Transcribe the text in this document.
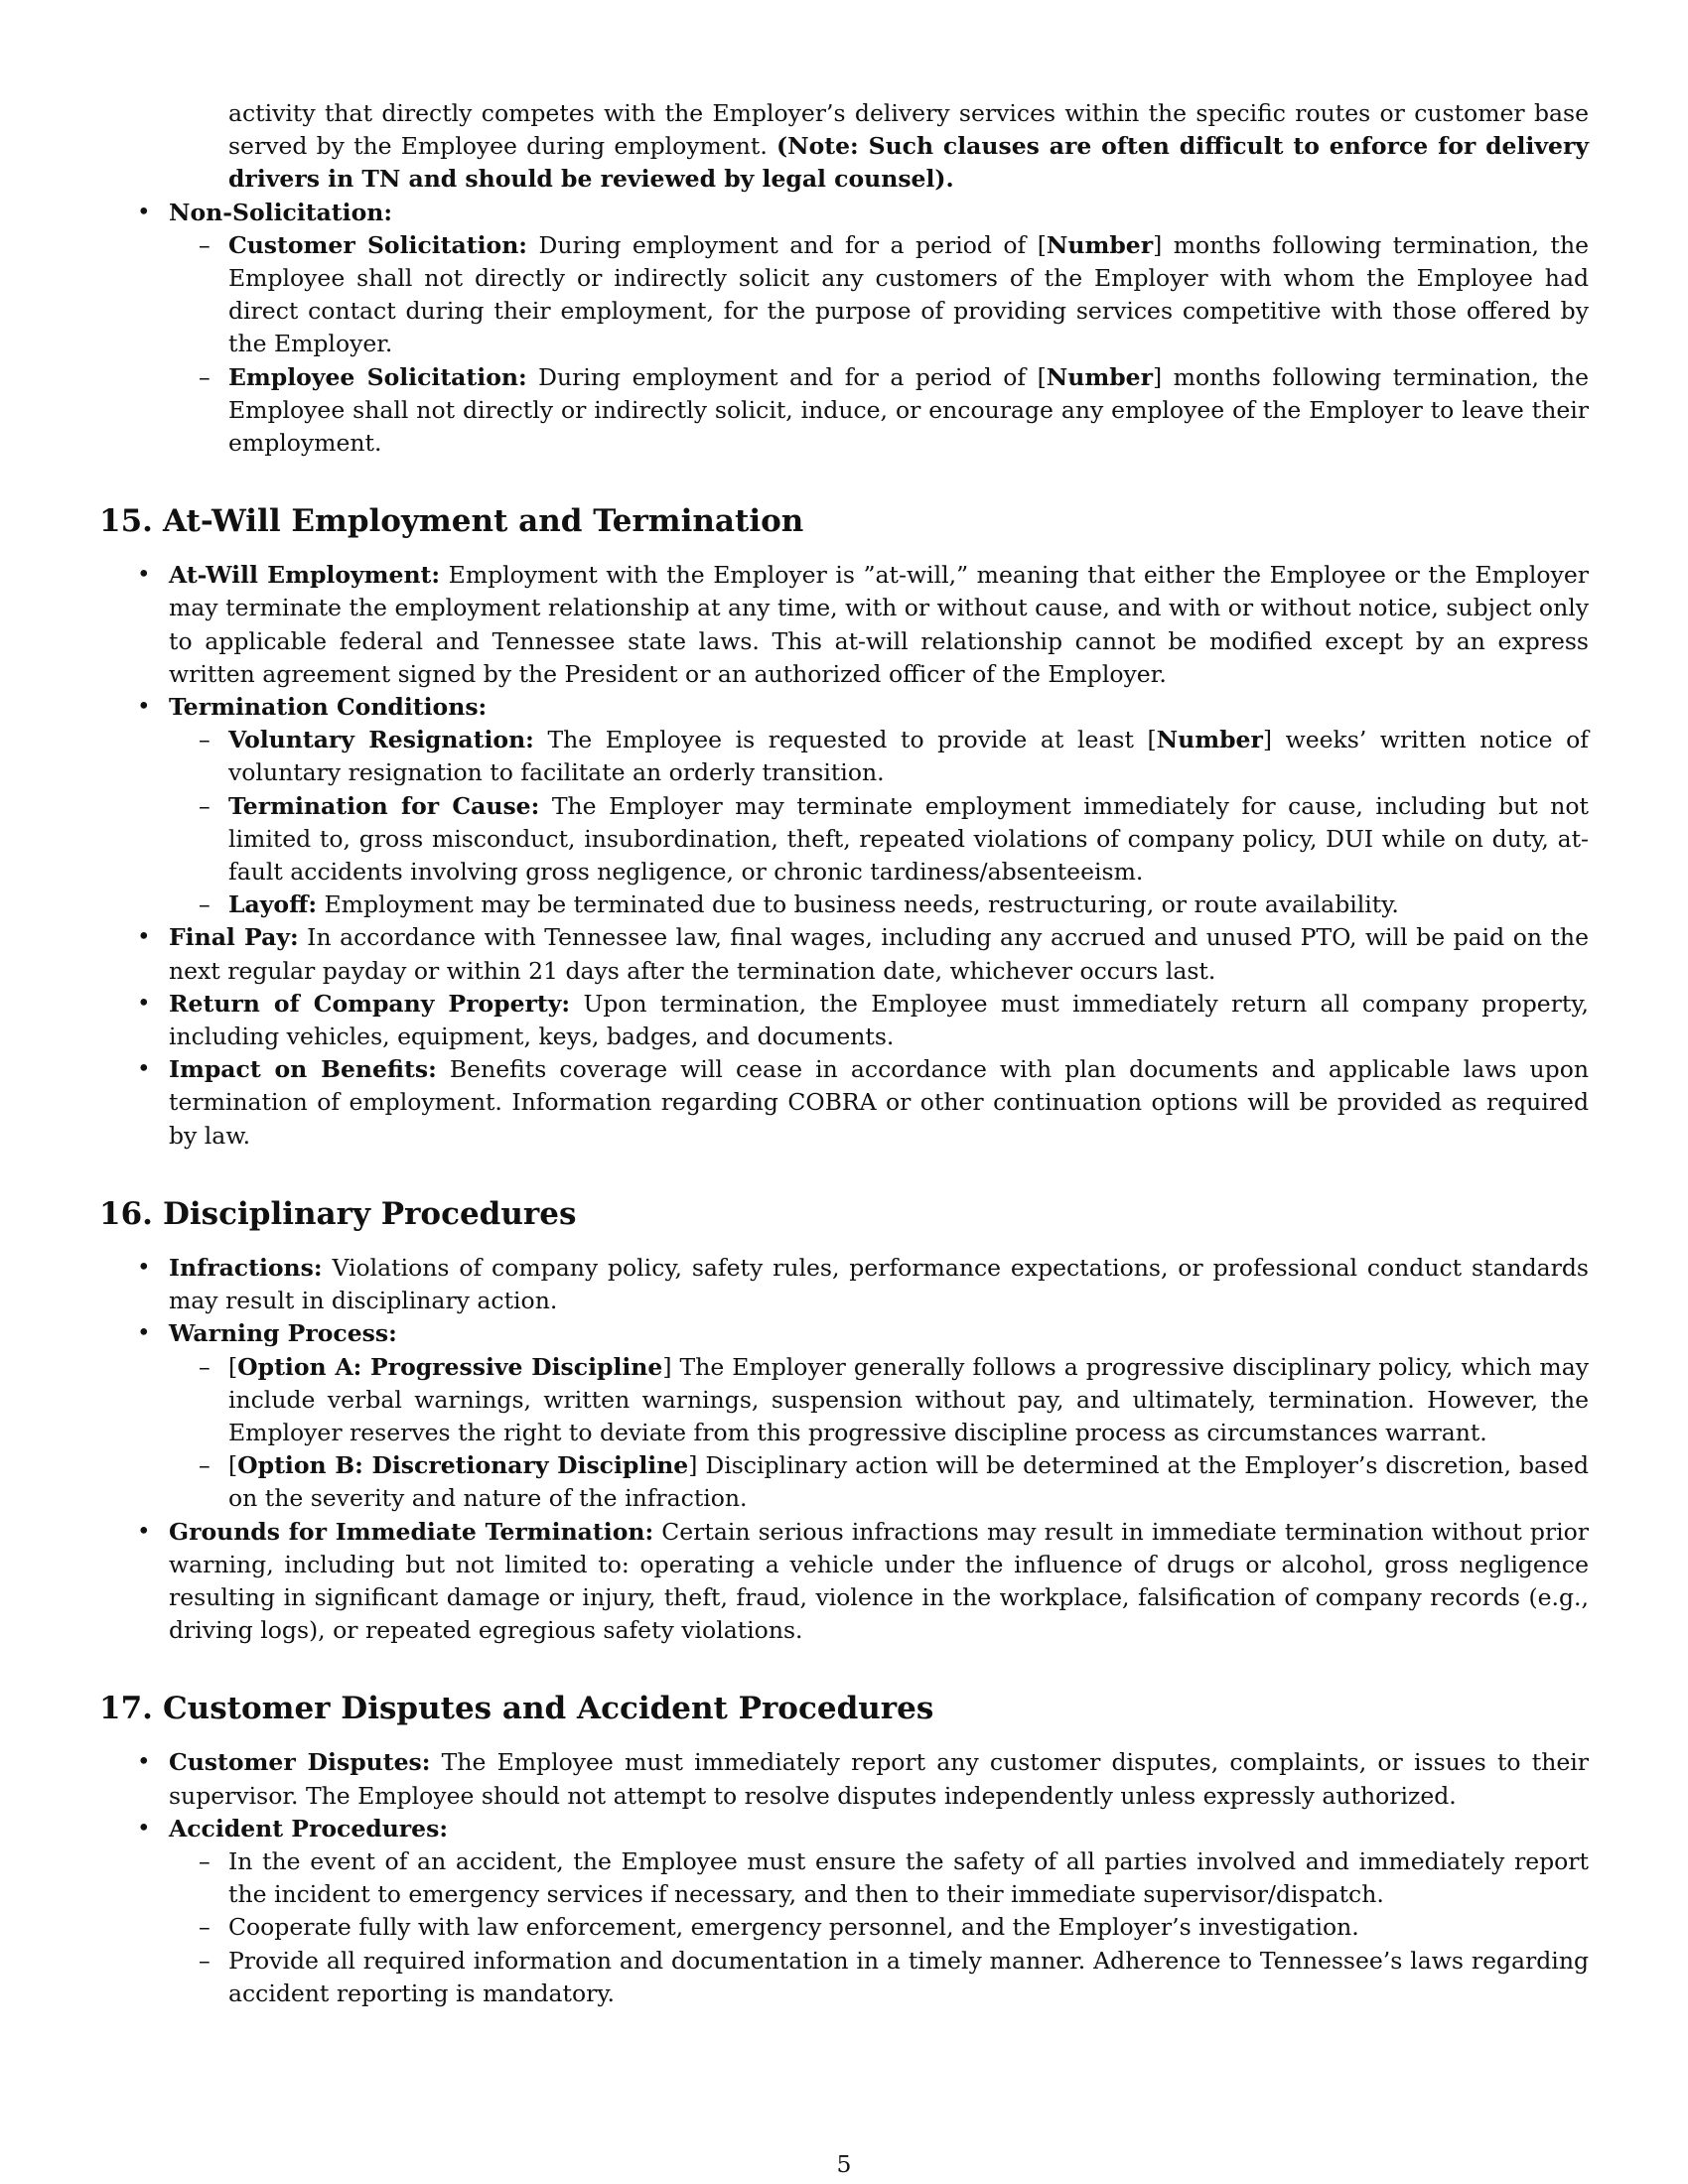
activity that directly competes with the Employer’s delivery services within the specific routes or customer base served by the Employee during employment. (Note: Such clauses are often difficult to enforce for delivery drivers in TN and should be reviewed by legal counsel).
• Non-Solicitation:
– Customer Solicitation: During employment and for a period of [Number] months following termination, the Employee shall not directly or indirectly solicit any customers of the Employer with whom the Employee had direct contact during their employment, for the purpose of providing services competitive with those offered by the Employer.
– Employee Solicitation: During employment and for a period of [Number] months following termination, the Employee shall not directly or indirectly solicit, induce, or encourage any employee of the Employer to leave their employment.
15. At-Will Employment and Termination
• At-Will Employment: Employment with the Employer is ”at-will,” meaning that either the Employee or the Employer may terminate the employment relationship at any time, with or without cause, and with or without notice, subject only to applicable federal and Tennessee state laws. This at-will relationship cannot be modified except by an express written agreement signed by the President or an authorized officer of the Employer.
• Termination Conditions:
– Voluntary Resignation: The Employee is requested to provide at least [Number] weeks’ written notice of voluntary resignation to facilitate an orderly transition.
– Termination for Cause: The Employer may terminate employment immediately for cause, including but not limited to, gross misconduct, insubordination, theft, repeated violations of company policy, DUI while on duty, at-fault accidents involving gross negligence, or chronic tardiness/absenteeism.
– Layoff: Employment may be terminated due to business needs, restructuring, or route availability.
• Final Pay: In accordance with Tennessee law, final wages, including any accrued and unused PTO, will be paid on the next regular payday or within 21 days after the termination date, whichever occurs last.
• Return of Company Property: Upon termination, the Employee must immediately return all company property, including vehicles, equipment, keys, badges, and documents.
• Impact on Benefits: Benefits coverage will cease in accordance with plan documents and applicable laws upon termination of employment. Information regarding COBRA or other continuation options will be provided as required by law.
16. Disciplinary Procedures
• Infractions: Violations of company policy, safety rules, performance expectations, or professional conduct standards may result in disciplinary action.
• Warning Process:
– [Option A: Progressive Discipline] The Employer generally follows a progressive disciplinary policy, which may include verbal warnings, written warnings, suspension without pay, and ultimately, termination. However, the Employer reserves the right to deviate from this progressive discipline process as circumstances warrant.
– [Option B: Discretionary Discipline] Disciplinary action will be determined at the Employer’s discretion, based on the severity and nature of the infraction.
• Grounds for Immediate Termination: Certain serious infractions may result in immediate termination without prior warning, including but not limited to: operating a vehicle under the influence of drugs or alcohol, gross negligence resulting in significant damage or injury, theft, fraud, violence in the workplace, falsification of company records (e.g., driving logs), or repeated egregious safety violations.
17. Customer Disputes and Accident Procedures
• Customer Disputes: The Employee must immediately report any customer disputes, complaints, or issues to their supervisor. The Employee should not attempt to resolve disputes independently unless expressly authorized.
• Accident Procedures:
– In the event of an accident, the Employee must ensure the safety of all parties involved and immediately report the incident to emergency services if necessary, and then to their immediate supervisor/dispatch.
– Cooperate fully with law enforcement, emergency personnel, and the Employer’s investigation.
– Provide all required information and documentation in a timely manner. Adherence to Tennessee’s laws regarding accident reporting is mandatory.
5
